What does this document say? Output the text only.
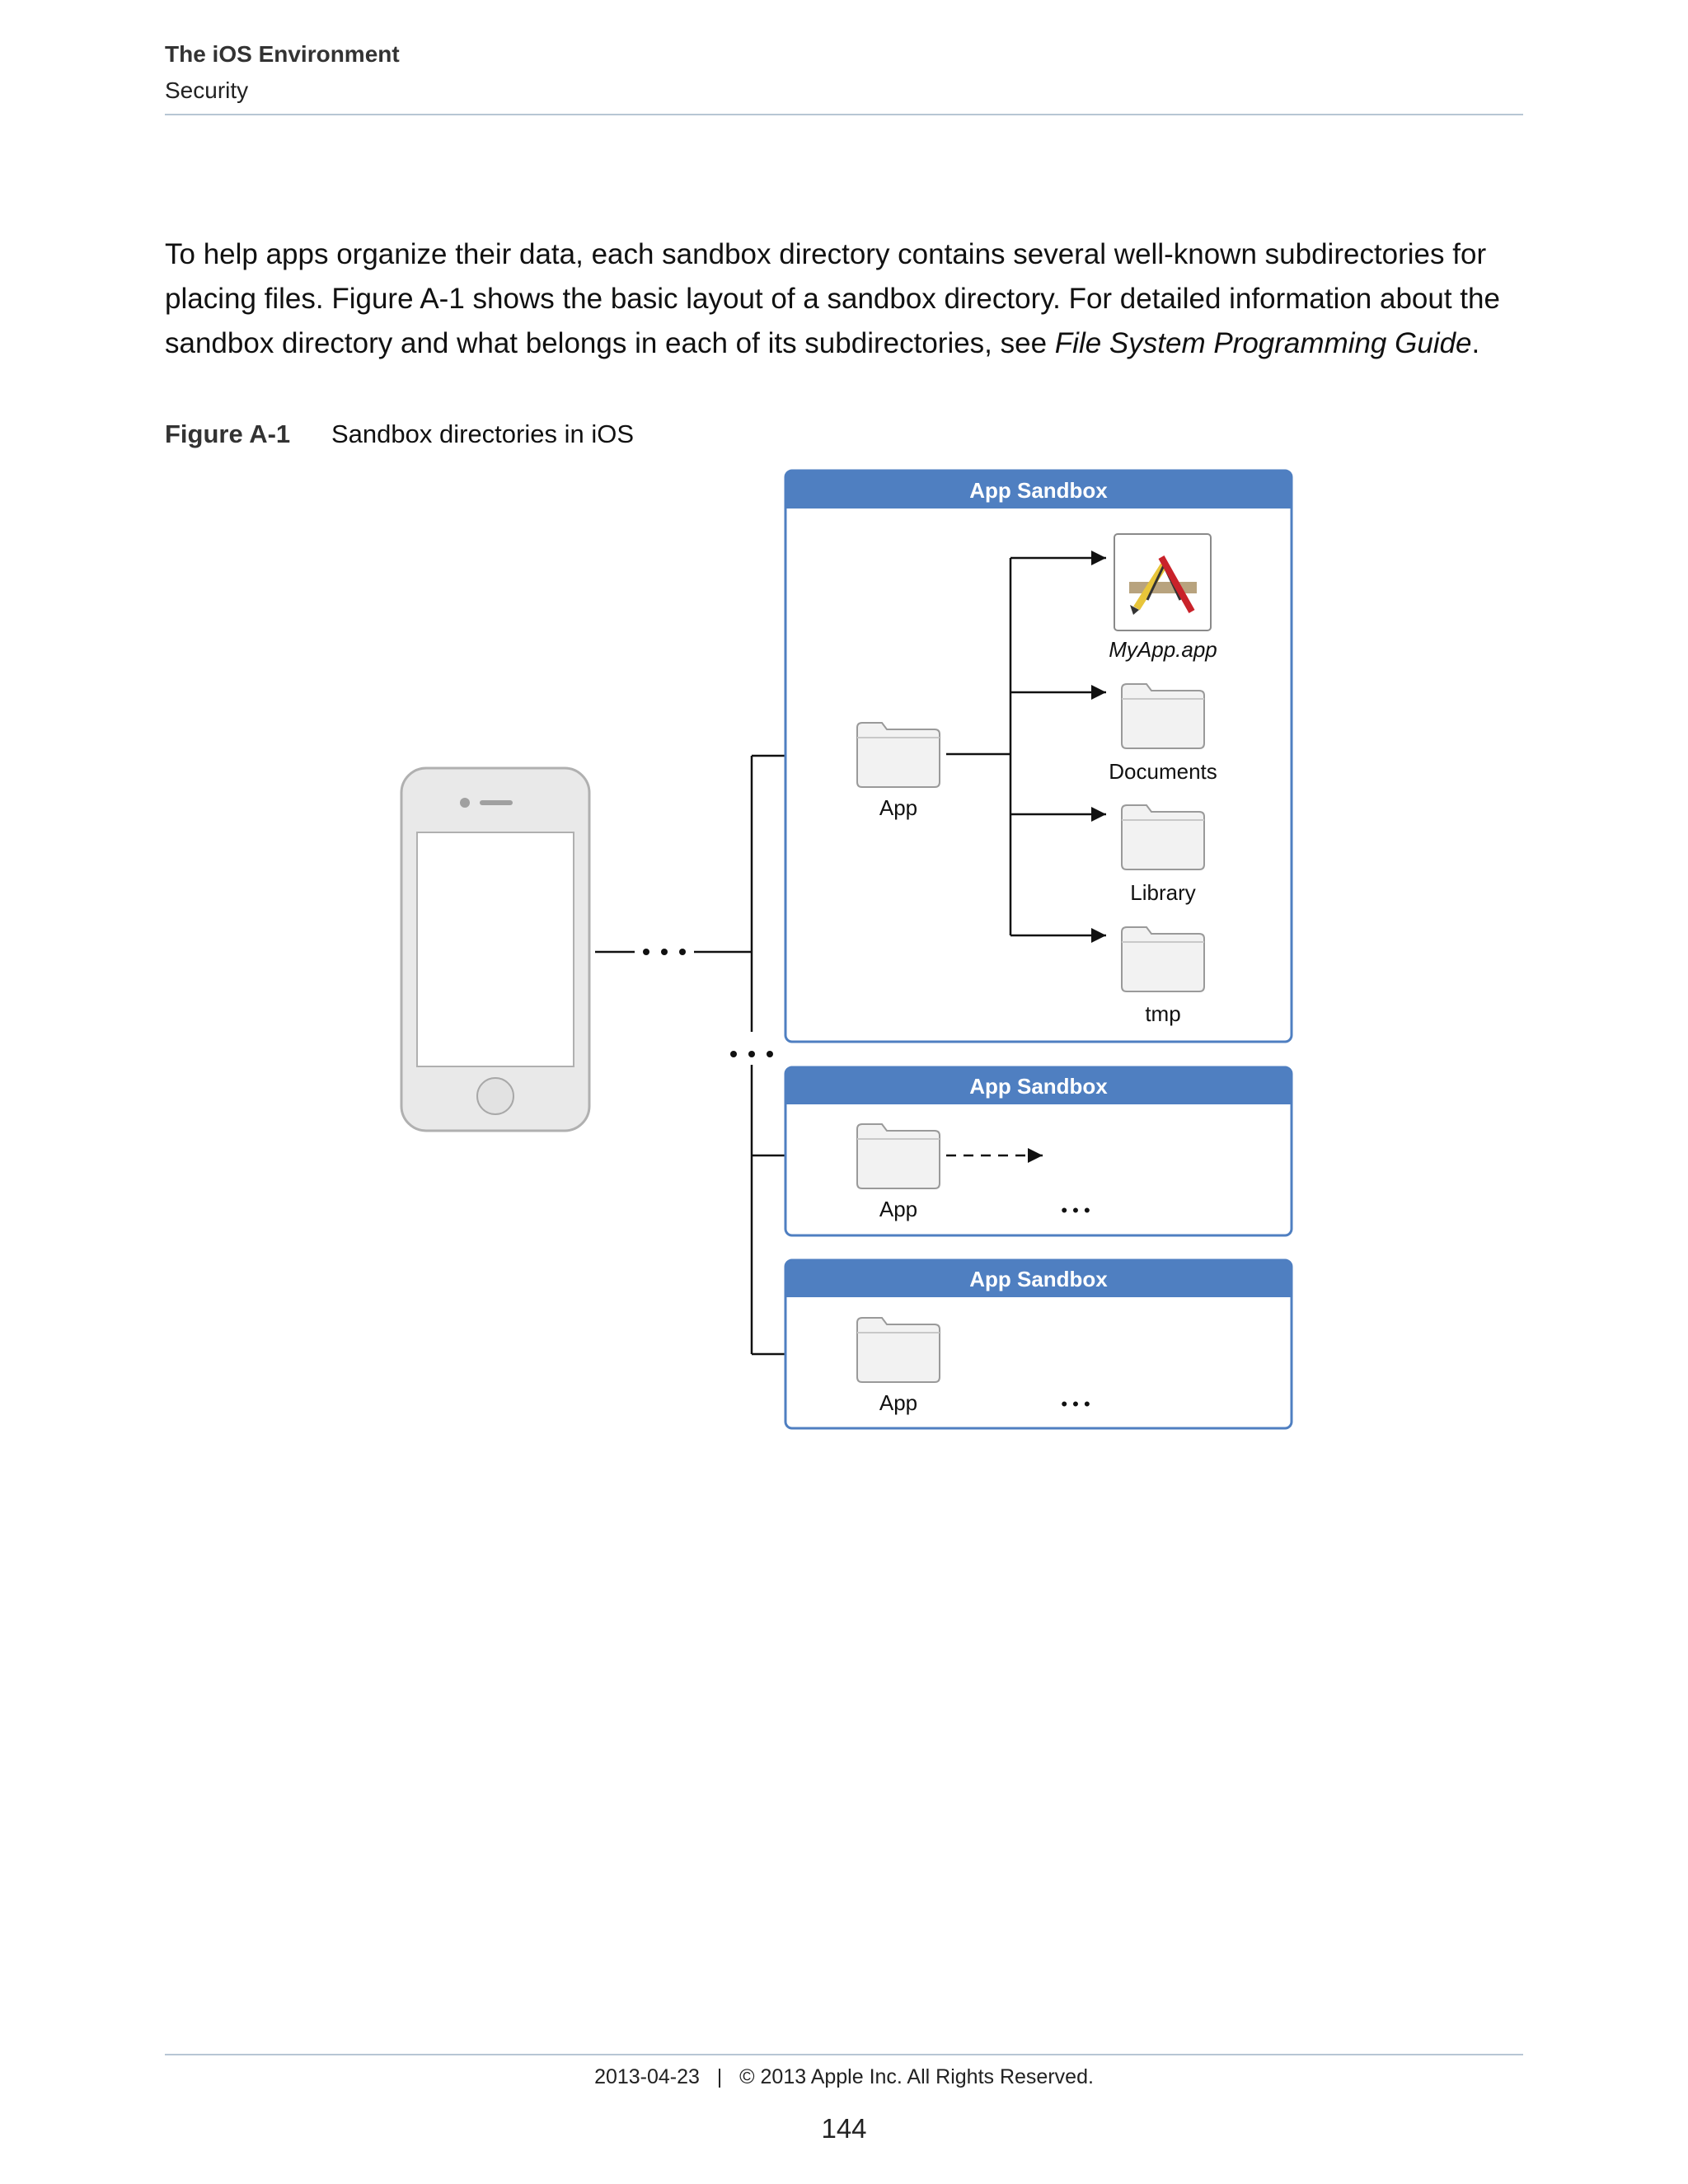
The iOS Environment
Security
To help apps organize their data, each sandbox directory contains several well-known subdirectories for placing files. Figure A-1 shows the basic layout of a sandbox directory. For detailed information about the sandbox directory and what belongs in each of its subdirectories, see File System Programming Guide.
Figure A-1 Sandbox directories in iOS
App Sandbox
App Sandbox
App Sandbox
App
MyApp.app
Documents
Library
tmp
App	• • •
App	• • •
2013-04-23 | © 2013 Apple Inc. All Rights Reserved.
144
